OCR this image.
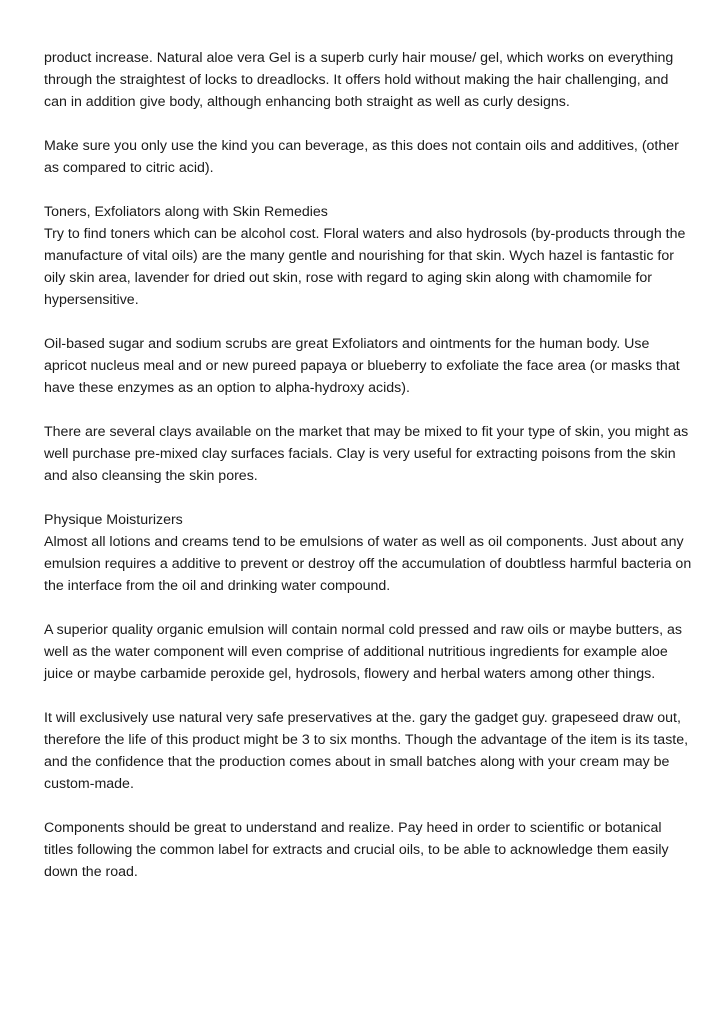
product increase. Natural aloe vera Gel is a superb curly hair mouse/ gel, which works on everything through the straightest of locks to dreadlocks. It offers hold without making the hair challenging, and can in addition give body, although enhancing both straight as well as curly designs.

Make sure you only use the kind you can beverage, as this does not contain oils and additives, (other as compared to citric acid).

Toners, Exfoliators along with Skin Remedies
Try to find toners which can be alcohol cost. Floral waters and also hydrosols (by-products through the manufacture of vital oils) are the many gentle and nourishing for that skin. Wych hazel is fantastic for oily skin area, lavender for dried out skin, rose with regard to aging skin along with chamomile for hypersensitive.

Oil-based sugar and sodium scrubs are great Exfoliators and ointments for the human body. Use apricot nucleus meal and or new pureed papaya or blueberry to exfoliate the face area (or masks that have these enzymes as an option to alpha-hydroxy acids).

There are several clays available on the market that may be mixed to fit your type of skin, you might as well purchase pre-mixed clay surfaces facials. Clay is very useful for extracting poisons from the skin and also cleansing the skin pores.

Physique Moisturizers
Almost all lotions and creams tend to be emulsions of water as well as oil components. Just about any emulsion requires a additive to prevent or destroy off the accumulation of doubtless harmful bacteria on the interface from the oil and drinking water compound.

A superior quality organic emulsion will contain normal cold pressed and raw oils or maybe butters, as well as the water component will even comprise of additional nutritious ingredients for example aloe juice or maybe carbamide peroxide gel, hydrosols, flowery and herbal waters among other things.

It will exclusively use natural very safe preservatives at the. gary the gadget guy. grapeseed draw out, therefore the life of this product might be 3 to six months. Though the advantage of the item is its taste, and the confidence that the production comes about in small batches along with your cream may be custom-made.

Components should be great to understand and realize. Pay heed in order to scientific or botanical titles following the common label for extracts and crucial oils, to be able to acknowledge them easily down the road.
